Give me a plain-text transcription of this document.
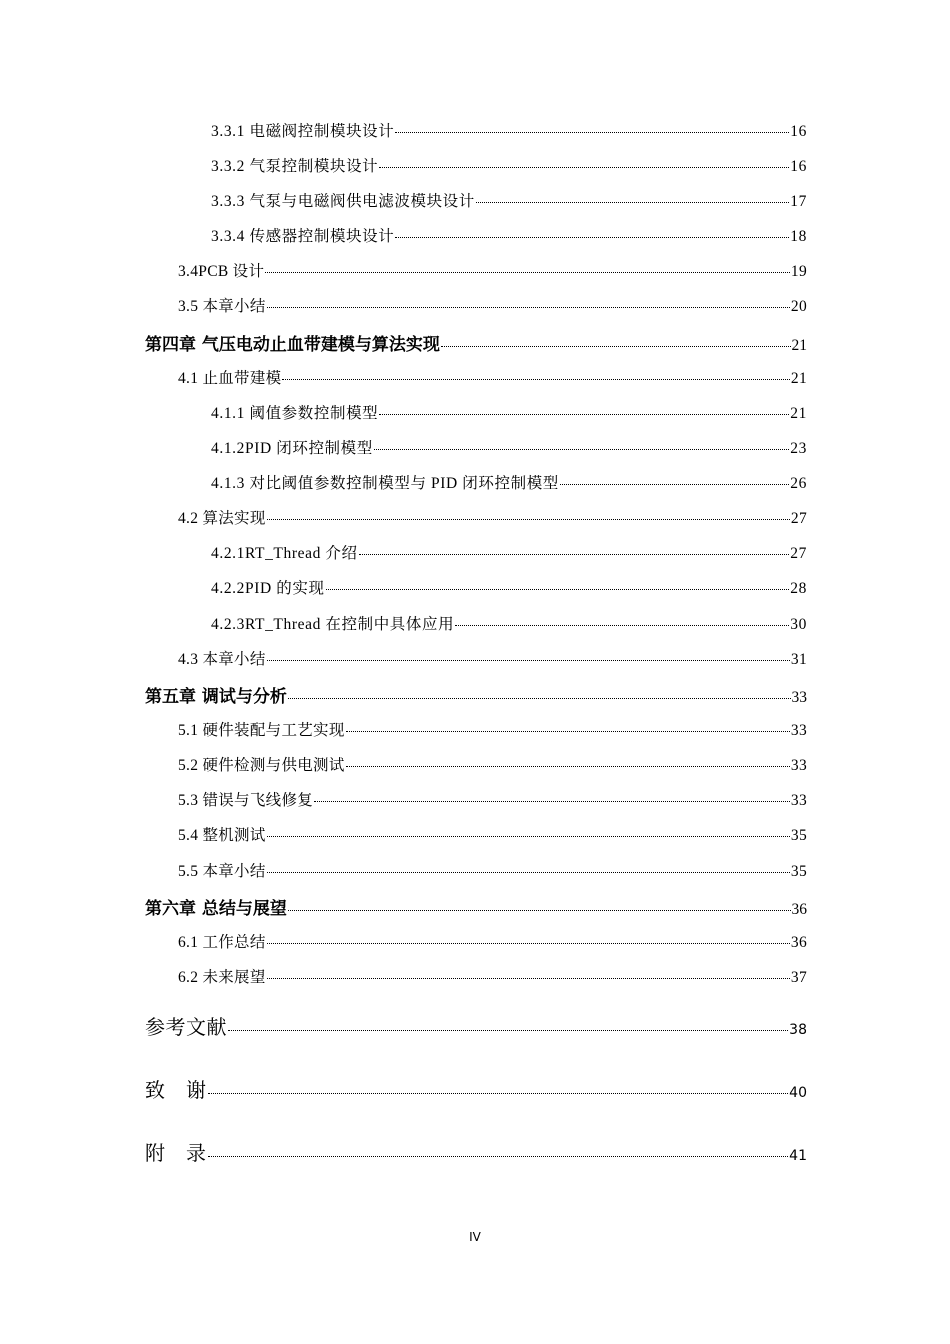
3.3.1 电磁阀控制模块设计	16
3.3.2 气泵控制模块设计	16
3.3.3 气泵与电磁阀供电滤波模块设计	17
3.3.4 传感器控制模块设计	18
3.4PCB 设计	19
3.5 本章小结	20
第四章 气压电动止血带建模与算法实现	21
4.1 止血带建模	21
4.1.1 阈值参数控制模型	21
4.1.2PID 闭环控制模型	23
4.1.3 对比阈值参数控制模型与 PID 闭环控制模型	26
4.2 算法实现	27
4.2.1RT_Thread 介绍	27
4.2.2PID 的实现	28
4.2.3RT_Thread 在控制中具体应用	30
4.3 本章小结	31
第五章 调试与分析	33
5.1 硬件装配与工艺实现	33
5.2 硬件检测与供电测试	33
5.3 错误与飞线修复	33
5.4 整机测试	35
5.5 本章小结	35
第六章 总结与展望	36
6.1 工作总结	36
6.2 未来展望	37
参考文献	38
致　谢	40
附　录	41
IV
